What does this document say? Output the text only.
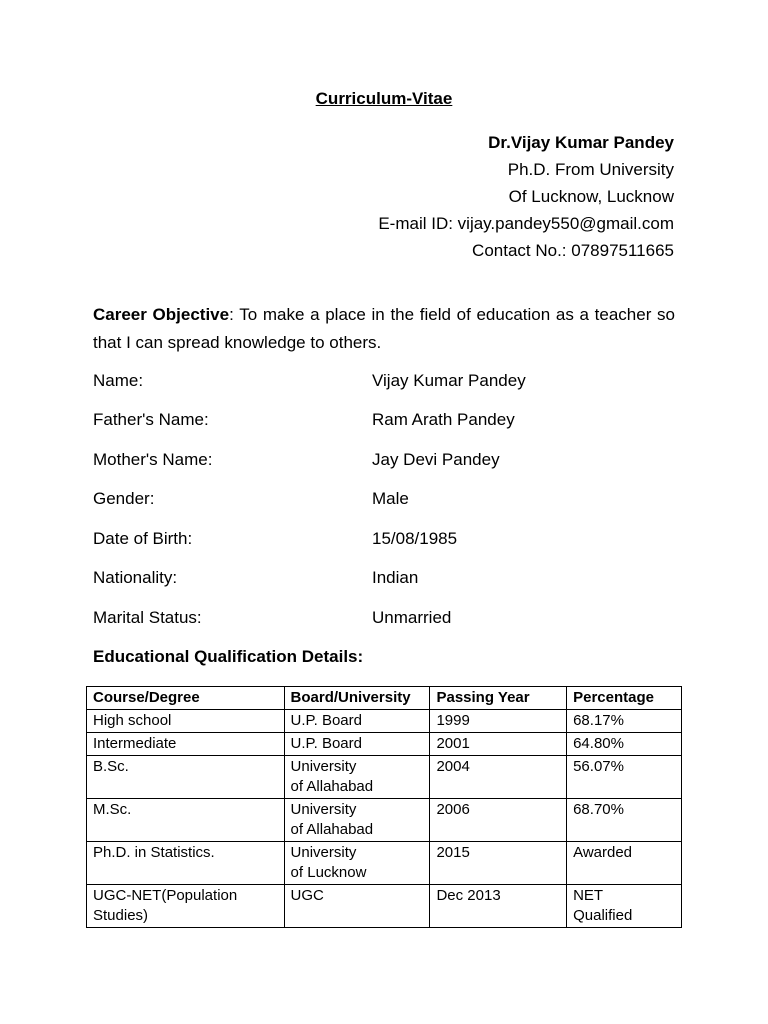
Curriculum-Vitae
Dr.Vijay Kumar Pandey
Ph.D. From University
Of Lucknow, Lucknow
E-mail ID: vijay.pandey550@gmail.com
Contact No.: 07897511665
Career Objective: To make a place in the field of education as a teacher so that I can spread knowledge to others.
Name:	Vijay Kumar Pandey
Father's Name:	Ram Arath Pandey
Mother's Name:	Jay Devi Pandey
Gender:	Male
Date of Birth:	15/08/1985
Nationality:	Indian
Marital Status:	Unmarried
Educational Qualification Details:
Course/Degree	Board/University	Passing Year	Percentage

High school	U.P. Board	1999	68.17%

Intermediate	U.P. Board	2001	64.80%

B.Sc.	University
of Allahabad	2004	56.07%

M.Sc.	University
of Allahabad	2006	68.70%

Ph.D. in Statistics.	University
of Lucknow	2015	Awarded

UGC-NET(Population
Studies)	UGC	Dec 2013	NET
Qualified
